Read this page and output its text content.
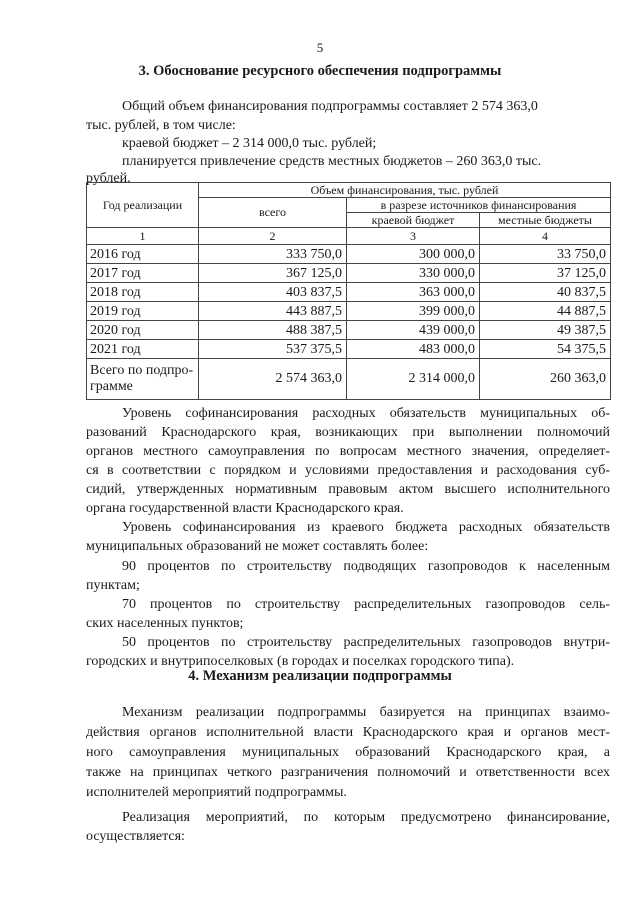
5
3. Обоснование ресурсного обеспечения подпрограммы
Общий объем финансирования подпрограммы составляет 2 574 363,0
тыс. рублей, в том числе:
краевой бюджет – 2 314 000,0 тыс. рублей;
планируется привлечение средств местных бюджетов – 260 363,0 тыс.
рублей.
Год реализации	Объем финансирования, тыс. рублей		
	всего	в разрезе источников финансирования	
		краевой бюджет	местные бюджеты
1	2	3	4
2016 год	333 750,0	300 000,0	33 750,0
2017 год	367 125,0	330 000,0	37 125,0
2018 год	403 837,5	363 000,0	40 837,5
2019 год	443 887,5	399 000,0	44 887,5
2020 год	488 387,5	439 000,0	49 387,5
2021 год	537 375,5	483 000,0	54 375,5

Всего по подпро-
грамме	2 574 363,0	2 314 000,0	260 363,0
Уровень софинансирования расходных обязательств муниципальных об-
разований Краснодарского края, возникающих при выполнении полномочий
органов местного самоуправления по вопросам местного значения, определяет-
ся в соответствии с порядком и условиями предоставления и расходования суб-
сидий, утвержденных нормативным правовым актом высшего исполнительного
органа государственной власти Краснодарского края.
Уровень софинансирования из краевого бюджета расходных обязательств
муниципальных образований не может составлять более:
90 процентов по строительству подводящих газопроводов к населенным
пунктам;
70 процентов по строительству распределительных газопроводов сель-
ских населенных пунктов;
50 процентов по строительству распределительных газопроводов внутри-
городских и внутрипоселковых (в городах и поселках городского типа).
4. Механизм реализации подпрограммы
Механизм реализации подпрограммы базируется на принципах взаимо-
действия органов исполнительной власти Краснодарского края и органов мест-
ного самоуправления муниципальных образований Краснодарского края, а
также на принципах четкого разграничения полномочий и ответственности всех
исполнителей мероприятий подпрограммы.
Реализация мероприятий, по которым предусмотрено финансирование,
осуществляется:
